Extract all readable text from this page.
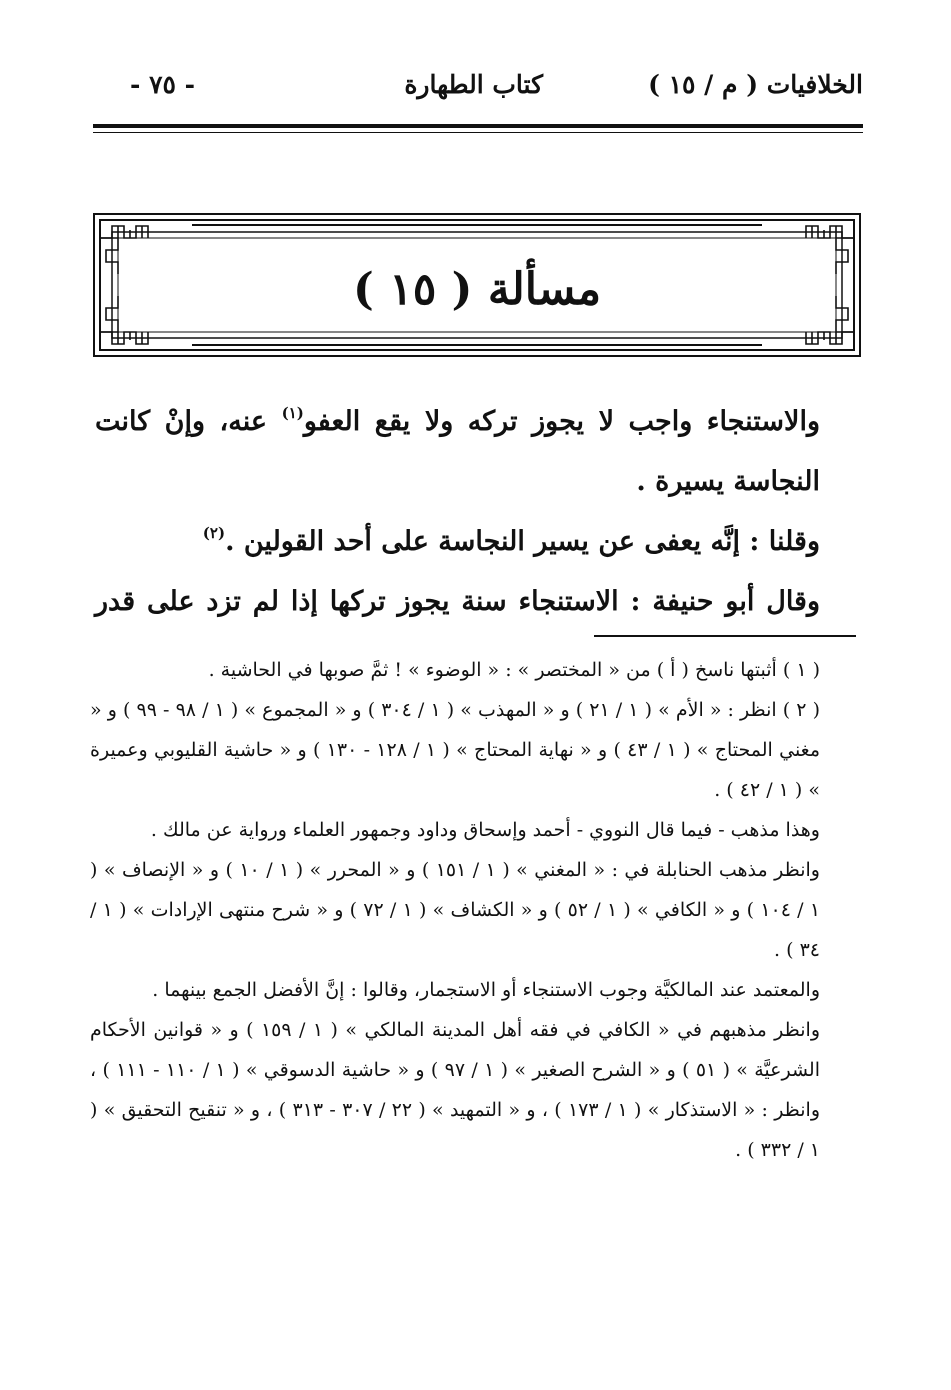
الخلافيات ( م / ١٥ )
كتاب الطهارة
- ٧٥ -
مسألة ( ١٥ )

والاستنجاء واجب لا يجوز تركه ولا يقع العفو$^{(١)}$ عنه، وإنْ كانت النجاسة يسيرة .

وقلنا : إنَّه يعفى عن يسير النجاسة على أحد القولين .$^{(٢)}$

وقال أبو حنيفة : الاستنجاء سنة يجوز تركها إذا لم تزد على قدر

( ١ ) أثبتها ناسخ ( أ ) من « المختصر » : « الوضوء » ! ثمَّ صوبها في الحاشية .

( ٢ ) انظر : « الأم » ( ١ / ٢١ ) و « المهذب » ( ١ / ٣٠٤ ) و « المجموع » ( ١ / ٩٨ - ٩٩ ) و « مغني المحتاج » ( ١ / ٤٣ ) و « نهاية المحتاج » ( ١ / ١٢٨ - ١٣٠ ) و « حاشية القليوبي وعميرة » ( ١ / ٤٢ ) .

وهذا مذهب - فيما قال النووي - أحمد وإسحاق وداود وجمهور العلماء ورواية عن مالك .

وانظر مذهب الحنابلة في : « المغني » ( ١ / ١٥١ ) و « المحرر » ( ١ / ١٠ ) و « الإنصاف » ( ١ / ١٠٤ ) و « الكافي » ( ١ / ٥٢ ) و « الكشاف » ( ١ / ٧٢ ) و « شرح منتهى الإرادات » ( ١ / ٣٤ ) .

والمعتمد عند المالكيَّة وجوب الاستنجاء أو الاستجمار، وقالوا : إنَّ الأفضل الجمع بينهما .

وانظر مذهبهم في « الكافي في فقه أهل المدينة المالكي » ( ١ / ١٥٩ ) و « قوانين الأحكام الشرعيَّة » ( ٥١ ) و « الشرح الصغير » ( ١ / ٩٧ ) و « حاشية الدسوقي » ( ١ / ١١٠ - ١١١ ) ، وانظر : « الاستذكار » ( ١ / ١٧٣ ) ، و « التمهيد » ( ٢٢ / ٣٠٧ - ٣١٣ ) ، و « تنقيح التحقيق » ( ١ / ٣٣٢ ) .
